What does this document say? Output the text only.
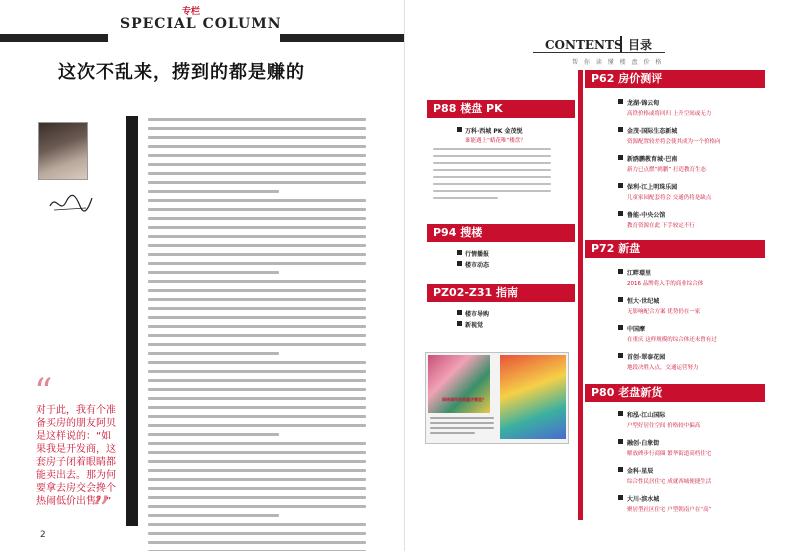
专栏
SPECIAL COLUMN
这次不乱来，捞到的都是赚的
“
对于此，我有个准备买房的朋友阿贝是这样说的：“如果我是开发商，这套房子闭着眼睛都能卖出去。那为何要拿去房交会搀个热闹低价出售？”
”
2
CONTENTS 目录
帮 你 读 懂 楼 盘 价 格
P62 房价测评
龙湖·锦云甸
高铁价格或将回归 上升空间或无力
金茂·国际生态新城
资源配置较差将会使其成为一个价格向
新鸥鹏教育城·巴南
新力已点燃“鸥鹏” 打造教育生态
保利·江上明珠乐园
儿童家园配套将会 交通仍将是缺点
鲁能·中央公馆
教育资源在此 下手较定不行
P72 新盘
江畔璟里
2016 品牌将入手的商业综合体
恒大·世纪城
无影响配合方案 优势仍在一家
中国摩
在重庆 这样规模的综合体还未曾有过
首创·翠泰花园
地段决胜入点，交通运营努力
P80 老盘新货
和泓·江山国际
户型好居住空间 价格较中偏高
融创·白象街
解放碑步行商圈 繁华街道高档住宅
金科·星辰
综合性民居住宅 成就西城便捷生活
大川·滨水城
聚居型社区住宅 户型朝南户在“高”
P88 楼盘 PK
万科·西城 PK 金茂悦
谁能遇上“蜻花唯”楼盘？
P94 搜楼
行情播报
楼市动态
PZ02-Z31 指南
楼市导购
新视觉
网络城市西南重庆哪里？
